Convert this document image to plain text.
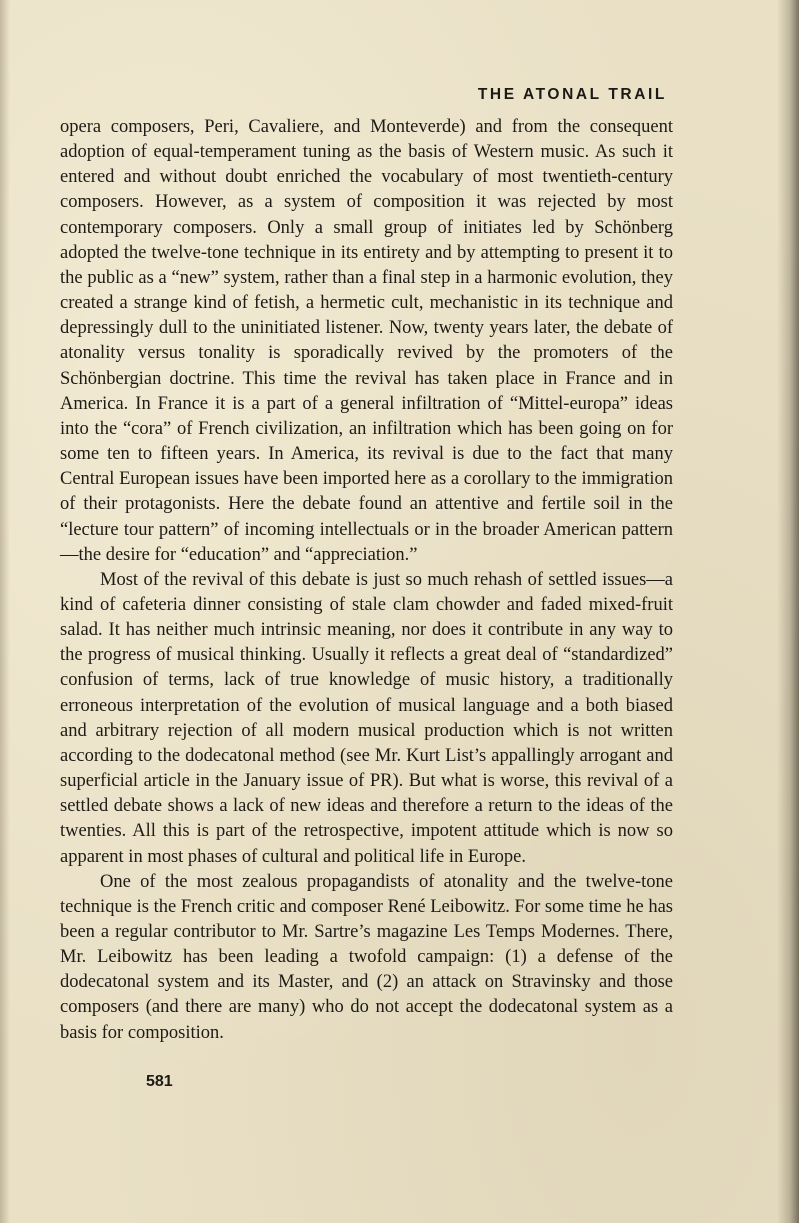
THE ATONAL TRAIL

opera composers, Peri, Cavaliere, and Monteverde) and from the consequent adoption of equal-temperament tuning as the basis of Western music. As such it entered and without doubt enriched the vocabulary of most twentieth-century composers. However, as a system of composition it was rejected by most contemporary composers. Only a small group of initiates led by Schönberg adopted the twelve-tone technique in its entirety and by attempting to present it to the public as a “new” system, rather than a final step in a harmonic evolution, they created a strange kind of fetish, a hermetic cult, mechanistic in its technique and depressingly dull to the uninitiated listener. Now, twenty years later, the debate of atonality versus tonality is sporadically revived by the promoters of the Schönbergian doctrine. This time the revival has taken place in France and in America. In France it is a part of a general infiltration of “Mittel-europa” ideas into the “cora” of French civilization, an infiltration which has been going on for some ten to fifteen years. In America, its revival is due to the fact that many Central European issues have been imported here as a corollary to the immigration of their protagonists. Here the debate found an attentive and fertile soil in the “lecture tour pattern” of incoming intellectuals or in the broader American pattern—the desire for “education” and “appreciation.”

Most of the revival of this debate is just so much rehash of settled issues—a kind of cafeteria dinner consisting of stale clam chowder and faded mixed-fruit salad. It has neither much intrinsic meaning, nor does it contribute in any way to the progress of musical thinking. Usually it reflects a great deal of “standardized” confusion of terms, lack of true knowledge of music history, a traditionally erroneous interpretation of the evolution of musical language and a both biased and arbitrary rejection of all modern musical production which is not written according to the dodecatonal method (see Mr. Kurt List’s appallingly arrogant and superficial article in the January issue of PR). But what is worse, this revival of a settled debate shows a lack of new ideas and therefore a return to the ideas of the twenties. All this is part of the retrospective, impotent attitude which is now so apparent in most phases of cultural and political life in Europe.

One of the most zealous propagandists of atonality and the twelve-tone technique is the French critic and composer René Leibowitz. For some time he has been a regular contributor to Mr. Sartre’s magazine Les Temps Modernes. There, Mr. Leibowitz has been leading a twofold campaign: (1) a defense of the dodecatonal system and its Master, and (2) an attack on Stravinsky and those composers (and there are many) who do not accept the dodecatonal system as a basis for composition.

581
